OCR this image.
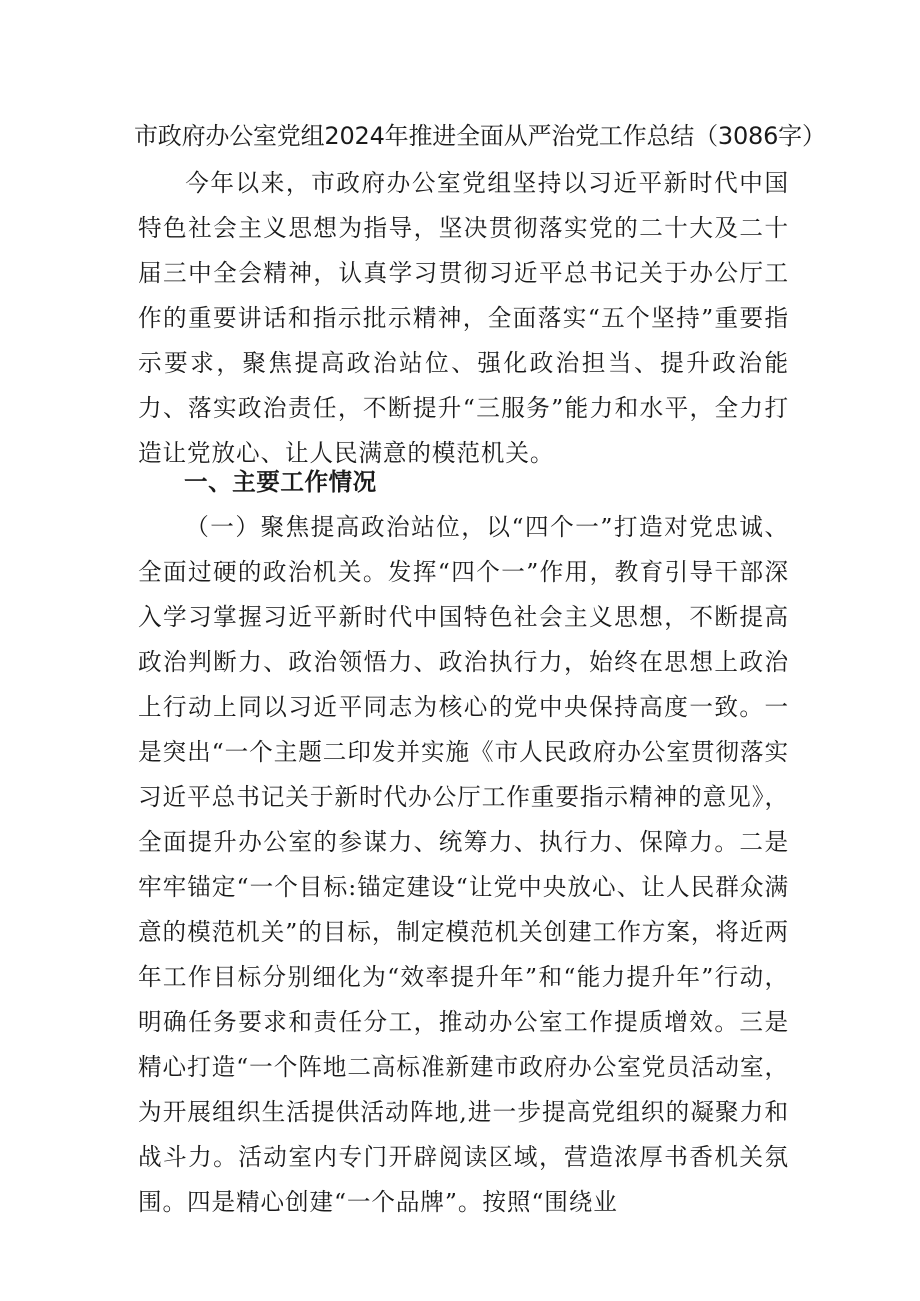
市政府办公室党组2024年推进全面从严治党工作总结（3086字）

今年以来，市政府办公室党组坚持以习近平新时代中国特色社会主义思想为指导，坚决贯彻落实党的二十大及二十届三中全会精神，认真学习贯彻习近平总书记关于办公厅工作的重要讲话和指示批示精神，全面落实“五个坚持”重要指示要求，聚焦提高政治站位、强化政治担当、提升政治能力、落实政治责任，不断提升“三服务”能力和水平，全力打造让党放心、让人民满意的模范机关。

一、主要工作情况

（一）聚焦提高政治站位，以“四个一”打造对党忠诚、全面过硬的政治机关。发挥“四个一”作用，教育引导干部深入学习掌握习近平新时代中国特色社会主义思想，不断提高政治判断力、政治领悟力、政治执行力，始终在思想上政治上行动上同以习近平同志为核心的党中央保持高度一致。一是突出“一个主题二印发并实施《市人民政府办公室贯彻落实习近平总书记关于新时代办公厅工作重要指示精神的意见》，全面提升办公室的参谋力、统筹力、执行力、保障力。二是牢牢锚定“一个目标:锚定建设“让党中央放心、让人民群众满意的模范机关”的目标，制定模范机关创建工作方案，将近两年工作目标分别细化为“效率提升年”和“能力提升年”行动，明确任务要求和责任分工，推动办公室工作提质增效。三是精心打造“一个阵地二高标准新建市政府办公室党员活动室，为开展组织生活提供活动阵地,进一步提高党组织的凝聚力和战斗力。活动室内专门开辟阅读区域，营造浓厚书香机关氛围。四是精心创建“一个品牌”。按照“围绕业
